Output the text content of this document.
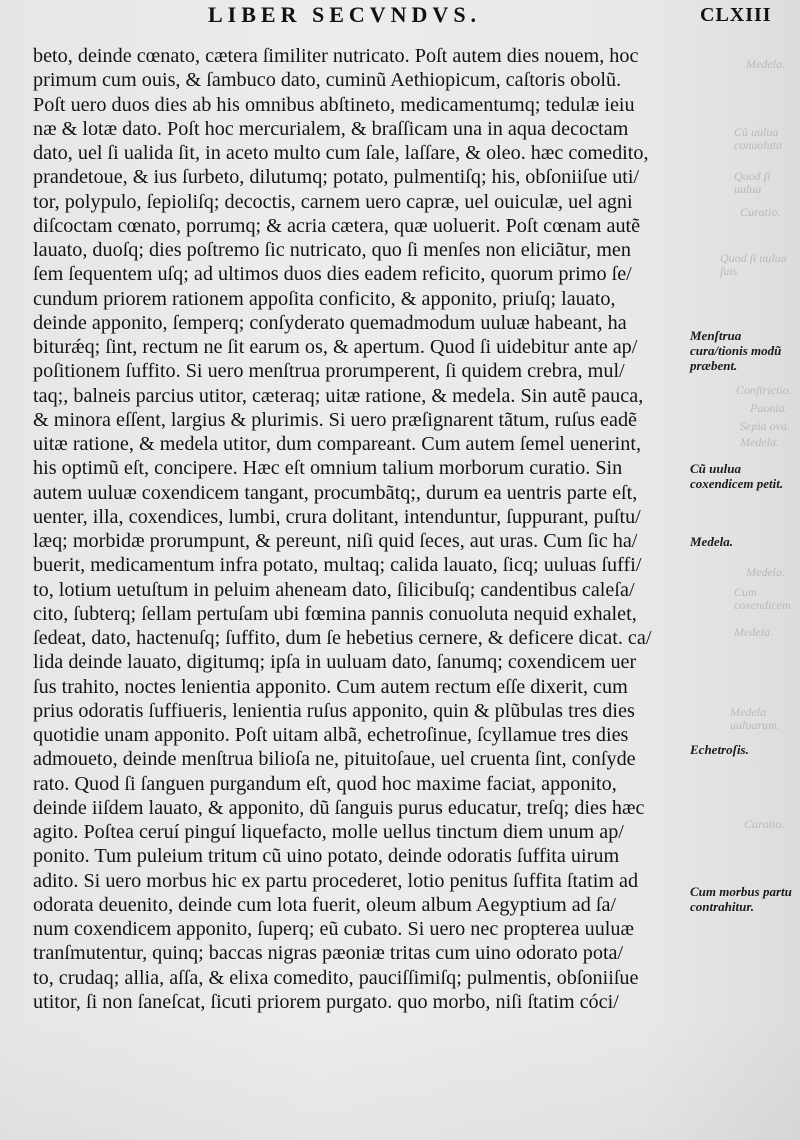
LIBER SECVNDVS.	CLXIII
beto, deinde cœnato, cætera ſimiliter nutricato. Poſt autem dies nouem, hoc
primum cum ouis, & ſambuco dato, cuminũ Aethiopicum, caſtoris obolũ.
Poſt uero duos dies ab his omnibus abſtineto, medicamentumq; tedulæ ieiu
næ & lotæ dato. Poſt hoc mercurialem, & braſſicam una in aqua decoctam
dato, uel ſi ualida ſit, in aceto multo cum ſale, laſſare, & oleo. hæc comedito,
prandetoue, & ius ſurbeto, dilutumq; potato, pulmentiſq; his, obſoniiſue uti/
tor, polypulo, ſepioliſq; decoctis, carnem uero capræ, uel ouiculæ, uel agni
diſcoctam cœnato, porrumq; & acria cætera, quæ uoluerit. Poſt cœnam autẽ
lauato, duoſq; dies poſtremo ſic nutricato, quo ſi menſes non eliciãtur, men
ſem ſequentem uſq; ad ultimos duos dies eadem reficito, quorum primo ſe/
cundum priorem rationem appoſita conficito, & apponito, priuſq; lauato,
deinde apponito, ſemperq; conſyderato quemadmodum uuluæ habeant, ha
biturǽq; ſint, rectum ne ſit earum os, & apertum. Quod ſi uidebitur ante ap/
poſitionem ſuffito. Si uero menſtrua prorumperent, ſi quidem crebra, mul/
taq;, balneis parcius utitor, cæteraq; uitæ ratione, & medela. Sin autẽ pauca,
& minora eſſent, largius & plurimis. Si uero præſignarent tãtum, ruſus eadẽ
uitæ ratione, & medela utitor, dum compareant. Cum autem ſemel uenerint,
his optimũ eſt, concipere. Hæc eſt omnium talium morborum curatio. Sin
autem uuluæ coxendicem tangant, procumbãtq;, durum ea uentris parte eſt,
uenter, illa, coxendices, lumbi, crura dolitant, intenduntur, ſuppurant, puſtu/
læq; morbidæ prorumpunt, & pereunt, niſi quid ſeces, aut uras. Cum ſic ha/
buerit, medicamentum infra potato, multaq; calida lauato, ſicq; uuluas ſuffi/
to, lotium uetuſtum in peluim aheneam dato, ſilicibuſq; candentibus caleſa/
cito, ſubterq; ſellam pertuſam ubi fœmina pannis conuoluta nequid exhalet,
ſedeat, dato, hactenuſq; ſuffito, dum ſe hebetius cernere, & deficere dicat. ca/
lida deinde lauato, digitumq; ipſa in uuluam dato, ſanumq; coxendicem uer
ſus trahito, noctes lenientia apponito. Cum autem rectum eſſe dixerit, cum
prius odoratis ſuffiueris, lenientia ruſus apponito, quin & plũbulas tres dies
quotidie unam apponito. Poſt uitam albã, echetroſinue, ſcyllamue tres dies
admoueto, deinde menſtrua bilioſa ne, pituitoſaue, uel cruenta ſint, conſyde
rato. Quod ſi ſanguen purgandum eſt, quod hoc maxime faciat, apponito,
deinde iiſdem lauato, & apponito, dũ ſanguis purus educatur, treſq; dies hæc
agito. Poſtea ceruí pinguí liquefacto, molle uellus tinctum diem unum ap/
ponito. Tum puleium tritum cũ uino potato, deinde odoratis ſuffita uirum
adito. Si uero morbus hic ex partu procederet, lotio penitus ſuffita ſtatim ad
odorata deuenito, deinde cum lota fuerit, oleum album Aegyptium ad ſa/
num coxendicem apponito, ſuperq; eũ cubato. Si uero nec propterea uuluæ
tranſmutentur, quinq; baccas nigras pæoniæ tritas cum uino odorato pota/
to, crudaq; allia, aſſa, & elixa comedito, pauciſſimiſq; pulmentis, obſoniiſue
utitor, ſi non ſaneſcat, ſicuti priorem purgato. quo morbo, niſi ſtatim cóci/
Medela.
Cũ uulua conuoluta
Quod ſi uulua
Curatio.
Quod ſi uulua ſuis
Conſtrictio.
Paonia.
Sepia ova.
Medela.
Medela.
Cum coxendicem
Medela.
Medela uuluarum.
Curatio.
Menſtrua cura/tionis modũ præbent.
Cũ uulua coxendicem petit.
Medela.
Echetroſis.
Cum morbus partu contrahitur.
